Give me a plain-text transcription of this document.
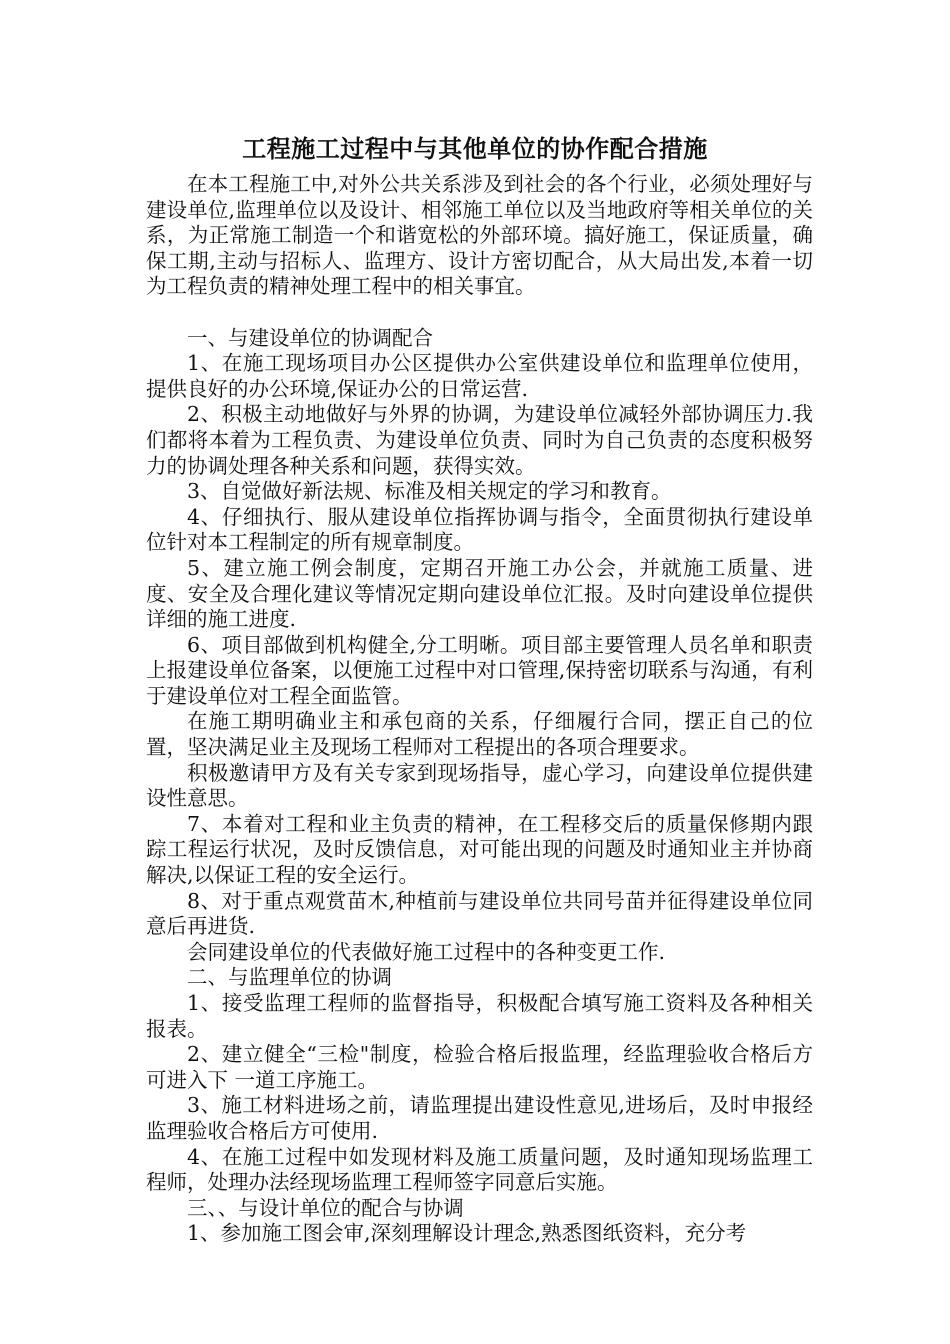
工程施工过程中与其他单位的协作配合措施

在本工程施工中,对外公共关系涉及到社会的各个行业，必须处理好与建设单位,监理单位以及设计、相邻施工单位以及当地政府等相关单位的关系，为正常施工制造一个和谐宽松的外部环境。搞好施工，保证质量，确保工期,主动与招标人、监理方、设计方密切配合，从大局出发,本着一切为工程负责的精神处理工程中的相关事宜。

一、与建设单位的协调配合

1、在施工现场项目办公区提供办公室供建设单位和监理单位使用，提供良好的办公环境,保证办公的日常运营.

2、积极主动地做好与外界的协调，为建设单位减轻外部协调压力.我们都将本着为工程负责、为建设单位负责、同时为自己负责的态度积极努力的协调处理各种关系和问题，获得实效。

3、自觉做好新法规、标准及相关规定的学习和教育。

4、仔细执行、服从建设单位指挥协调与指令，全面贯彻执行建设单位针对本工程制定的所有规章制度。

5、建立施工例会制度，定期召开施工办公会，并就施工质量、进度、安全及合理化建议等情况定期向建设单位汇报。及时向建设单位提供详细的施工进度.

6、项目部做到机构健全,分工明晰。项目部主要管理人员名单和职责上报建设单位备案，以便施工过程中对口管理,保持密切联系与沟通，有利于建设单位对工程全面监管。

在施工期明确业主和承包商的关系，仔细履行合同，摆正自己的位置，坚决满足业主及现场工程师对工程提出的各项合理要求。

积极邀请甲方及有关专家到现场指导，虚心学习，向建设单位提供建设性意思。

7、本着对工程和业主负责的精神，在工程移交后的质量保修期内跟踪工程运行状况，及时反馈信息，对可能出现的问题及时通知业主并协商解决,以保证工程的安全运行。

8、对于重点观赏苗木,种植前与建设单位共同号苗并征得建设单位同意后再进货.

会同建设单位的代表做好施工过程中的各种变更工作.

二、与监理单位的协调

1、接受监理工程师的监督指导，积极配合填写施工资料及各种相关报表。

2、建立健全“三检"制度，检验合格后报监理，经监理验收合格后方可进入下 一道工序施工。

3、施工材料进场之前，请监理提出建设性意见,进场后，及时申报经监理验收合格后方可使用.

4、在施工过程中如发现材料及施工质量问题，及时通知现场监理工程师，处理办法经现场监理工程师签字同意后实施。

三、、与设计单位的配合与协调

1、参加施工图会审,深刻理解设计理念,熟悉图纸资料，充分考
